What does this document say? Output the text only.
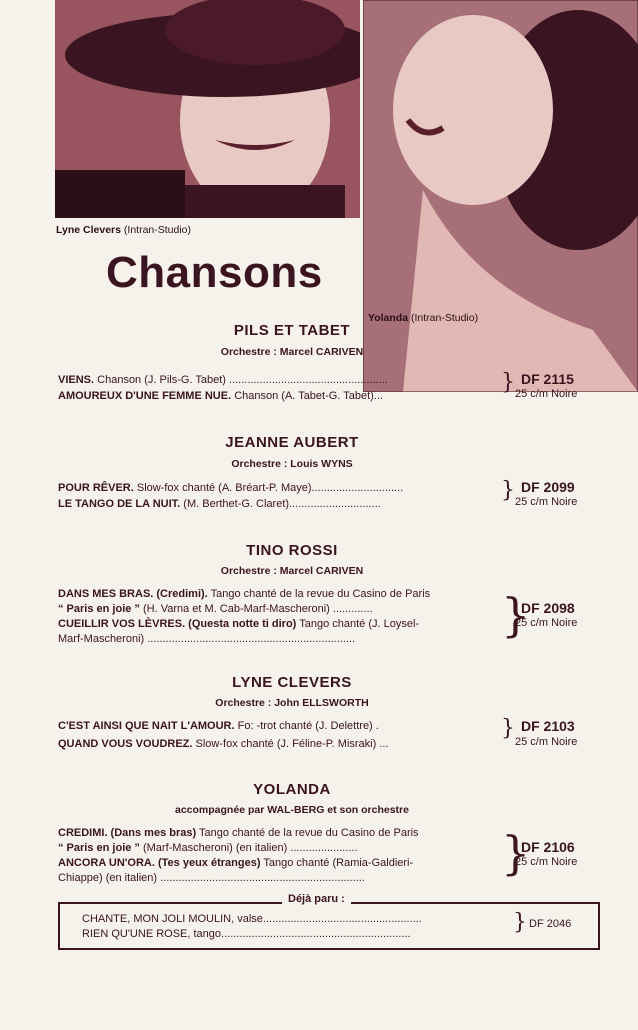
Lyne Clevers (Intran-Studio)
Yolanda (Intran-Studio)
Chansons
PILS ET TABET
Orchestre : Marcel CARIVEN
VIENS. Chanson (J. Pils-G. Tabet) ....................................................
AMOUREUX D'UNE FEMME NUE. Chanson (A. Tabet-G. Tabet)...
} DF 2115
25 c/m Noire
JEANNE AUBERT
Orchestre : Louis WYNS
POUR RÊVER. Slow-fox chanté (A. Bréart-P. Maye)..............................
LE TANGO DE LA NUIT. (M. Berthet-G. Claret)..............................
} DF 2099
25 c/m Noire
TINO ROSSI
Orchestre : Marcel CARIVEN
DANS MES BRAS. (Credimi). Tango chanté de la revue du Casino de Paris
“ Paris en joie ” (H. Varna et M. Cab-Marf-Mascheroni) .............
CUEILLIR VOS LÈVRES. (Questa notte ti diro) Tango chanté (J. Loysel-
Marf-Mascheroni) ....................................................................	}
DF 2098
25 c/m Noire
LYNE CLEVERS
Orchestre : John ELLSWORTH
C'EST AINSI QUE NAIT L'AMOUR. Fo: -trot chanté (J. Delettre) .
QUAND VOUS VOUDREZ. Slow-fox chanté (J. Féline-P. Misraki) ...
} DF 2103
25 c/m Noire
YOLANDA
accompagnée par WAL-BERG et son orchestre
CREDIMI. (Dans mes bras) Tango chanté de la revue du Casino de Paris
“ Paris en joie ” (Marf-Mascheroni) (en italien) ......................
ANCORA UN'ORA. (Tes yeux étranges) Tango chanté (Ramia-Galdieri-
Chiappe) (en italien) ...................................................................	}
DF 2106
25 c/m Noire
Déjà paru :
CHANTE, MON JOLI MOULIN, valse....................................................
RIEN QU'UNE ROSE, tango..............................................................	} DF 2046
